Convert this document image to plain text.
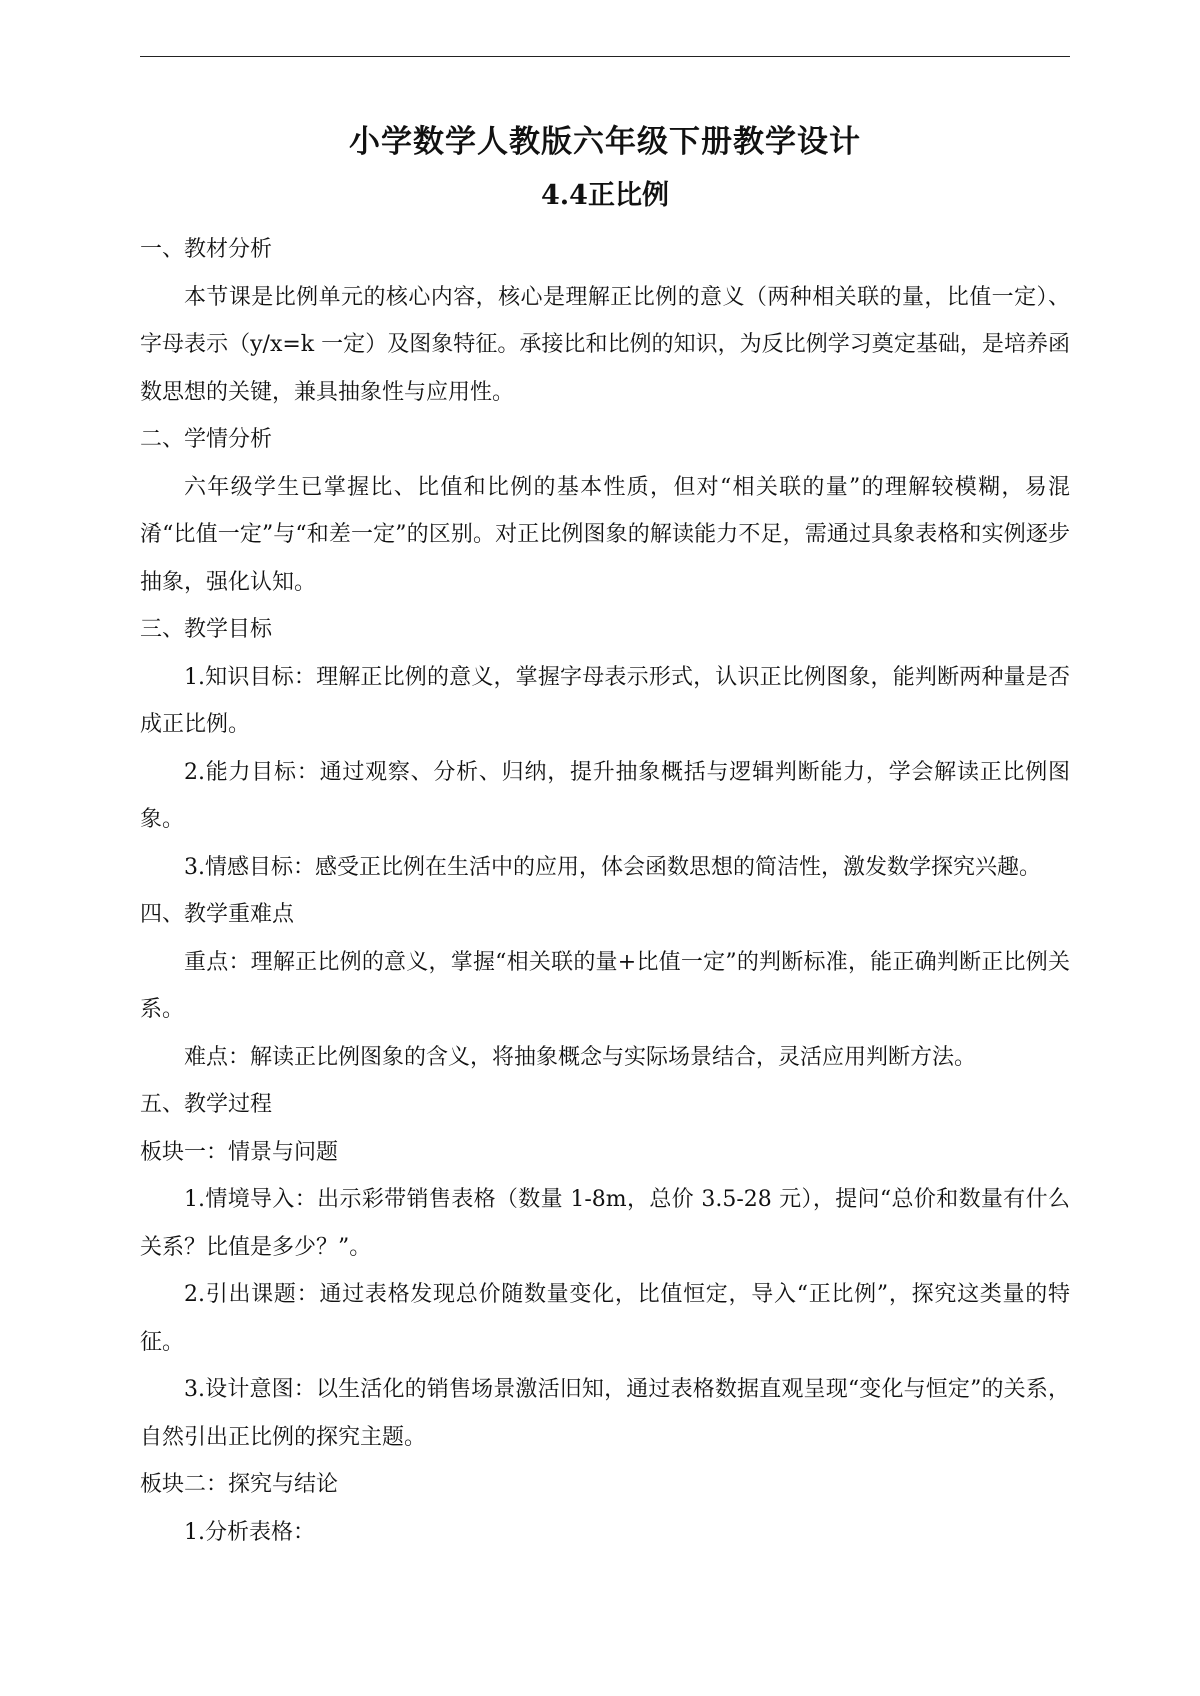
小学数学人教版六年级下册教学设计
4.4正比例
一、教材分析

本节课是比例单元的核心内容，核心是理解正比例的意义（两种相关联的量，比值一定）、字母表示（y/x=k 一定）及图象特征。承接比和比例的知识，为反比例学习奠定基础，是培养函数思想的关键，兼具抽象性与应用性。

二、学情分析

六年级学生已掌握比、比值和比例的基本性质，但对“相关联的量”的理解较模糊，易混淆“比值一定”与“和差一定”的区别。对正比例图象的解读能力不足，需通过具象表格和实例逐步抽象，强化认知。

三、教学目标

1.知识目标：理解正比例的意义，掌握字母表示形式，认识正比例图象，能判断两种量是否成正比例。

2.能力目标：通过观察、分析、归纳，提升抽象概括与逻辑判断能力，学会解读正比例图象。

3.情感目标：感受正比例在生活中的应用，体会函数思想的简洁性，激发数学探究兴趣。

四、教学重难点

重点：理解正比例的意义，掌握“相关联的量+比值一定”的判断标准，能正确判断正比例关系。

难点：解读正比例图象的含义，将抽象概念与实际场景结合，灵活应用判断方法。

五、教学过程
板块一：情景与问题

1.情境导入：出示彩带销售表格（数量 1-8m，总价 3.5-28 元），提问“总价和数量有什么关系？比值是多少？”。

2.引出课题：通过表格发现总价随数量变化，比值恒定，导入“正比例”，探究这类量的特征。

3.设计意图：以生活化的销售场景激活旧知，通过表格数据直观呈现“变化与恒定”的关系，自然引出正比例的探究主题。

板块二：探究与结论

1.分析表格：
